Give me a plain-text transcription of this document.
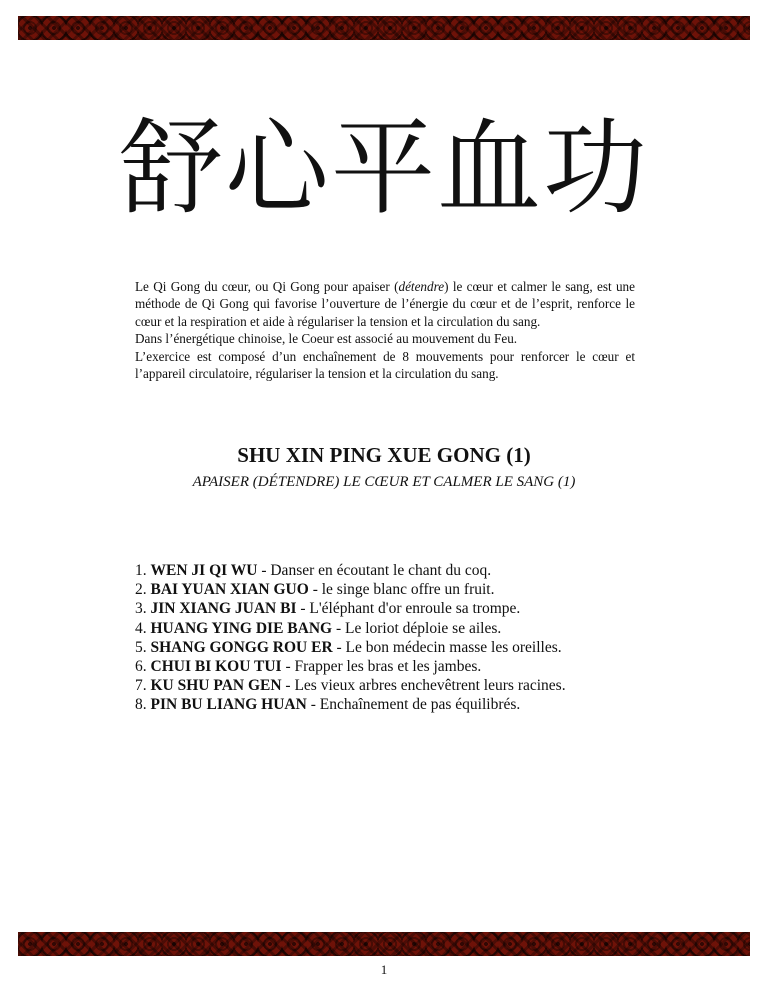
舒心平血功

Le Qi Gong du cœur, ou Qi Gong pour apaiser (détendre) le cœur et calmer le sang, est une méthode de Qi Gong qui favorise l’ouverture de l’énergie du cœur et de l’esprit, renforce le cœur et la respiration et aide à régulariser la tension et la circulation du sang.

Dans l’énergétique chinoise, le Coeur est associé au mouvement du Feu.

L’exercice est composé d’un enchaînement de 8 mouvements pour renforcer le cœur et l’appareil circulatoire, régulariser la tension et la circulation du sang.

SHU XIN PING XUE GONG (1)
APAISER (DÉTENDRE) LE CŒUR ET CALMER LE SANG (1)
1. WEN JI QI WU - Danser en écoutant le chant du coq.
2. BAI YUAN XIAN GUO - le singe blanc offre un fruit.
3. JIN XIANG JUAN BI - L'éléphant d'or enroule sa trompe.
4. HUANG YING DIE BANG - Le loriot déploie se ailes.
5. SHANG GONGG ROU ER - Le bon médecin masse les oreilles.
6. CHUI BI KOU TUI - Frapper les bras et les jambes.
7. KU SHU PAN GEN - Les vieux arbres enchevêtrent leurs racines.
8. PIN BU LIANG HUAN - Enchaînement de pas équilibrés.
1
